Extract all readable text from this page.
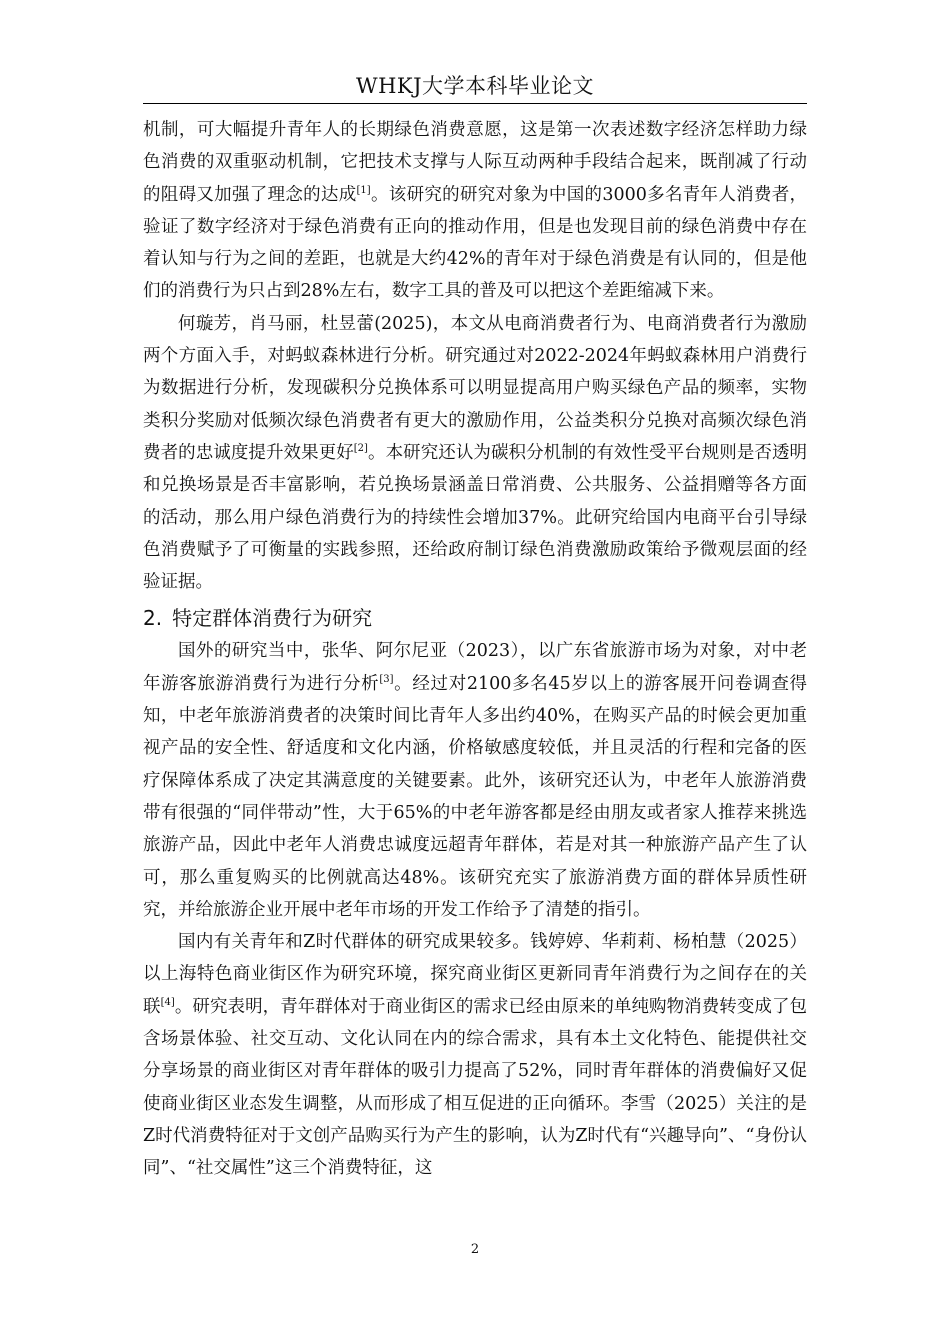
WHKJ大学本科毕业论文

机制，可大幅提升青年人的长期绿色消费意愿，这是第一次表述数字经济怎样助力绿色消费的双重驱动机制，它把技术支撑与人际互动两种手段结合起来，既削减了行动的阻碍又加强了理念的达成[1]。该研究的研究对象为中国的3000多名青年人消费者，验证了数字经济对于绿色消费有正向的推动作用，但是也发现目前的绿色消费中存在着认知与行为之间的差距，也就是大约42%的青年对于绿色消费是有认同的，但是他们的消费行为只占到28%左右，数字工具的普及可以把这个差距缩减下来。

何璇芳，肖马丽，杜昱蕾(2025)，本文从电商消费者行为、电商消费者行为激励两个方面入手，对蚂蚁森林进行分析。研究通过对2022-2024年蚂蚁森林用户消费行为数据进行分析，发现碳积分兑换体系可以明显提高用户购买绿色产品的频率，实物类积分奖励对低频次绿色消费者有更大的激励作用，公益类积分兑换对高频次绿色消费者的忠诚度提升效果更好[2]。本研究还认为碳积分机制的有效性受平台规则是否透明和兑换场景是否丰富影响，若兑换场景涵盖日常消费、公共服务、公益捐赠等各方面的活动，那么用户绿色消费行为的持续性会增加37%。此研究给国内电商平台引导绿色消费赋予了可衡量的实践参照，还给政府制订绿色消费激励政策给予微观层面的经验证据。

2. 特定群体消费行为研究

国外的研究当中，张华、阿尔尼亚（2023），以广东省旅游市场为对象，对中老年游客旅游消费行为进行分析[3]。经过对2100多名45岁以上的游客展开问卷调查得知，中老年旅游消费者的决策时间比青年人多出约40%，在购买产品的时候会更加重视产品的安全性、舒适度和文化内涵，价格敏感度较低，并且灵活的行程和完备的医疗保障体系成了决定其满意度的关键要素。此外，该研究还认为，中老年人旅游消费带有很强的“同伴带动”性，大于65%的中老年游客都是经由朋友或者家人推荐来挑选旅游产品，因此中老年人消费忠诚度远超青年群体，若是对其一种旅游产品产生了认可，那么重复购买的比例就高达48%。该研究充实了旅游消费方面的群体异质性研究，并给旅游企业开展中老年市场的开发工作给予了清楚的指引。

国内有关青年和Z时代群体的研究成果较多。钱婷婷、华莉莉、杨柏慧（2025）以上海特色商业街区作为研究环境，探究商业街区更新同青年消费行为之间存在的关联[4]。研究表明，青年群体对于商业街区的需求已经由原来的单纯购物消费转变成了包含场景体验、社交互动、文化认同在内的综合需求，具有本土文化特色、能提供社交分享场景的商业街区对青年群体的吸引力提高了52%，同时青年群体的消费偏好又促使商业街区业态发生调整，从而形成了相互促进的正向循环。李雪（2025）关注的是Z时代消费特征对于文创产品购买行为产生的影响，认为Z时代有“兴趣导向”、“身份认同”、“社交属性”这三个消费特征，这

2
